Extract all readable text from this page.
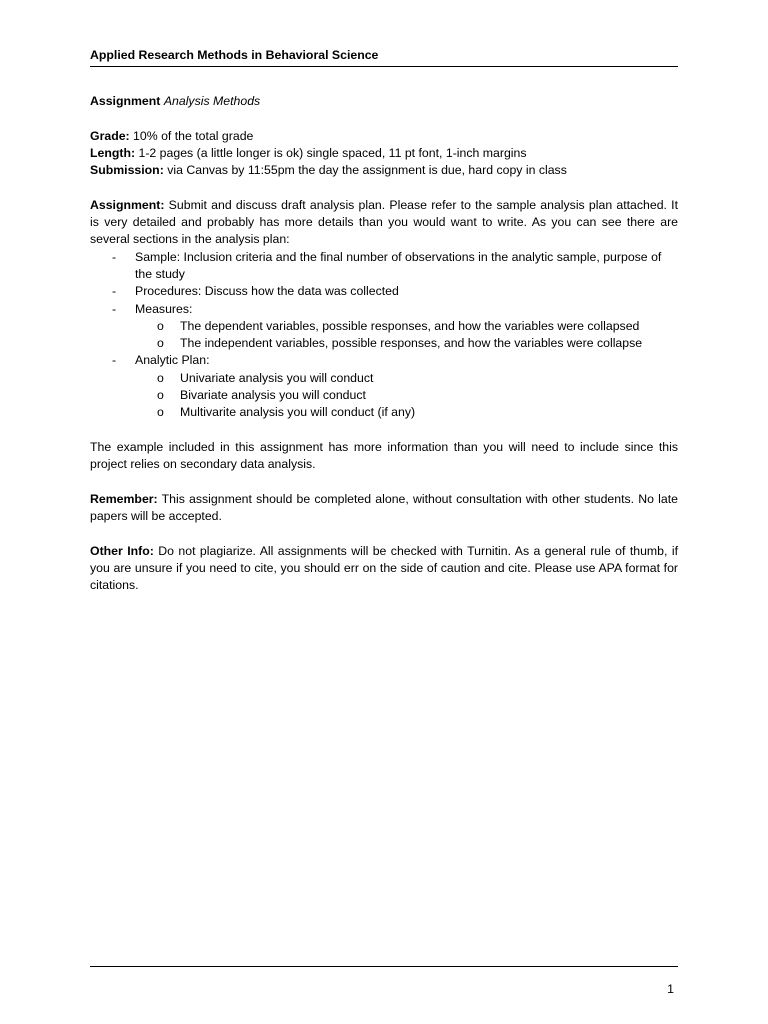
Applied Research Methods in Behavioral Science

Assignment Analysis Methods

Grade: 10% of the total grade

Length: 1-2 pages (a little longer is ok) single spaced, 11 pt font, 1-inch margins

Submission: via Canvas by 11:55pm the day the assignment is due, hard copy in class

Assignment: Submit and discuss draft analysis plan. Please refer to the sample analysis plan attached. It is very detailed and probably has more details than you would want to write. As you can see there are several sections in the analysis plan:

- Sample: Inclusion criteria and the final number of observations in the analytic sample, purpose of the study
- Procedures: Discuss how the data was collected
- Measures:
o The dependent variables, possible responses, and how the variables were collapsed
o The independent variables, possible responses, and how the variables were collapse
- Analytic Plan:
o Univariate analysis you will conduct
o Bivariate analysis you will conduct
o Multivarite analysis you will conduct (if any)

The example included in this assignment has more information than you will need to include since this project relies on secondary data analysis.

Remember: This assignment should be completed alone, without consultation with other students. No late papers will be accepted.

Other Info: Do not plagiarize. All assignments will be checked with Turnitin. As a general rule of thumb, if you are unsure if you need to cite, you should err on the side of caution and cite. Please use APA format for citations.

1
